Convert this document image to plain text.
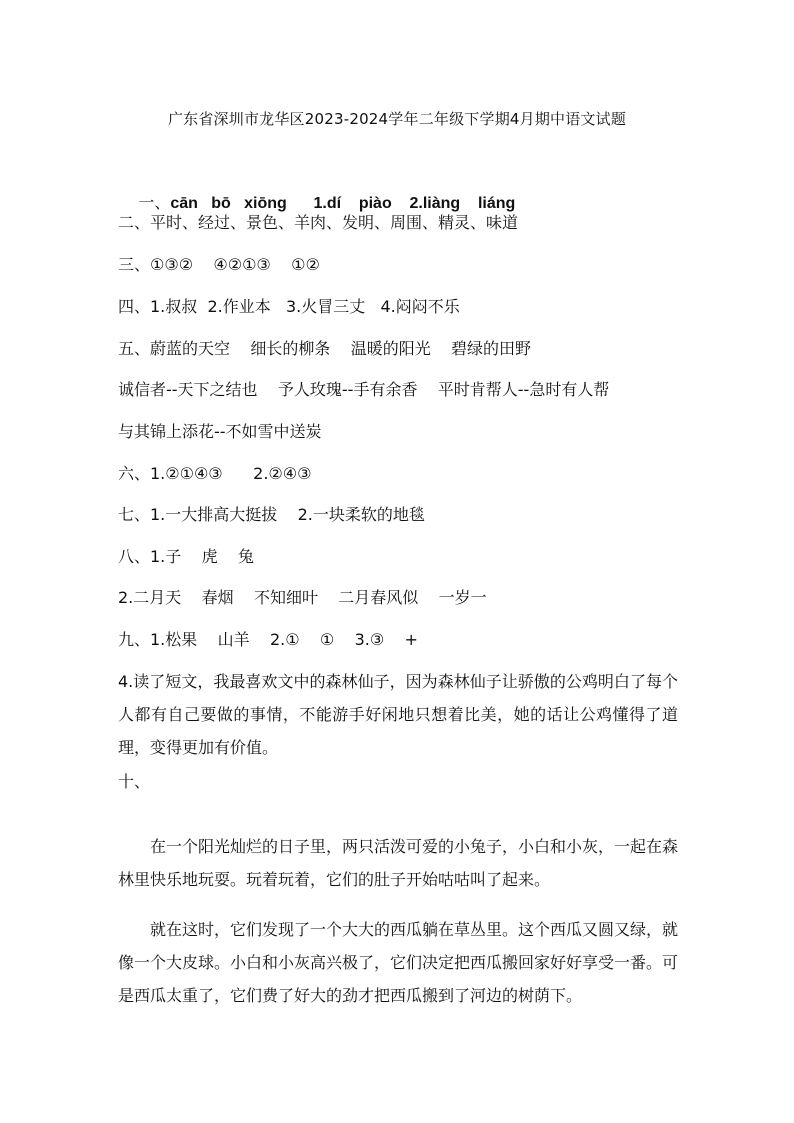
广东省深圳市龙华区2023-2024学年二年级下学期4月期中语文试题

一、cān   bō   xiōng      1.dí    piào    2.liàng    liáng

二、平时、经过、景色、羊肉、发明、周围、精灵、味道
三、①③②    ④②①③    ①②
四、1.叔叔  2.作业本   3.火冒三丈   4.闷闷不乐
五、蔚蓝的天空    细长的柳条    温暖的阳光    碧绿的田野
诚信者--天下之结也    予人玫瑰--手有余香    平时肯帮人--急时有人帮
与其锦上添花--不如雪中送炭
六、1.②①④③      2.②④③
七、1.一大排高大挺拔    2.一块柔软的地毯
八、1.子    虎    兔
2.二月天    春烟    不知细叶    二月春风似    一岁一
九、1.松果    山羊    2.①    ①    3.③    +
4.读了短文，我最喜欢文中的森林仙子，因为森林仙子让骄傲的公鸡明白了每个人都有自己要做的事情，不能游手好闲地只想着比美，她的话让公鸡懂得了道理，变得更加有价值。
十、
在一个阳光灿烂的日子里，两只活泼可爱的小兔子，小白和小灰，一起在森林里快乐地玩耍。玩着玩着，它们的肚子开始咕咕叫了起来。
就在这时，它们发现了一个大大的西瓜躺在草丛里。这个西瓜又圆又绿，就像一个大皮球。小白和小灰高兴极了，它们决定把西瓜搬回家好好享受一番。可是西瓜太重了，它们费了好大的劲才把西瓜搬到了河边的树荫下。
